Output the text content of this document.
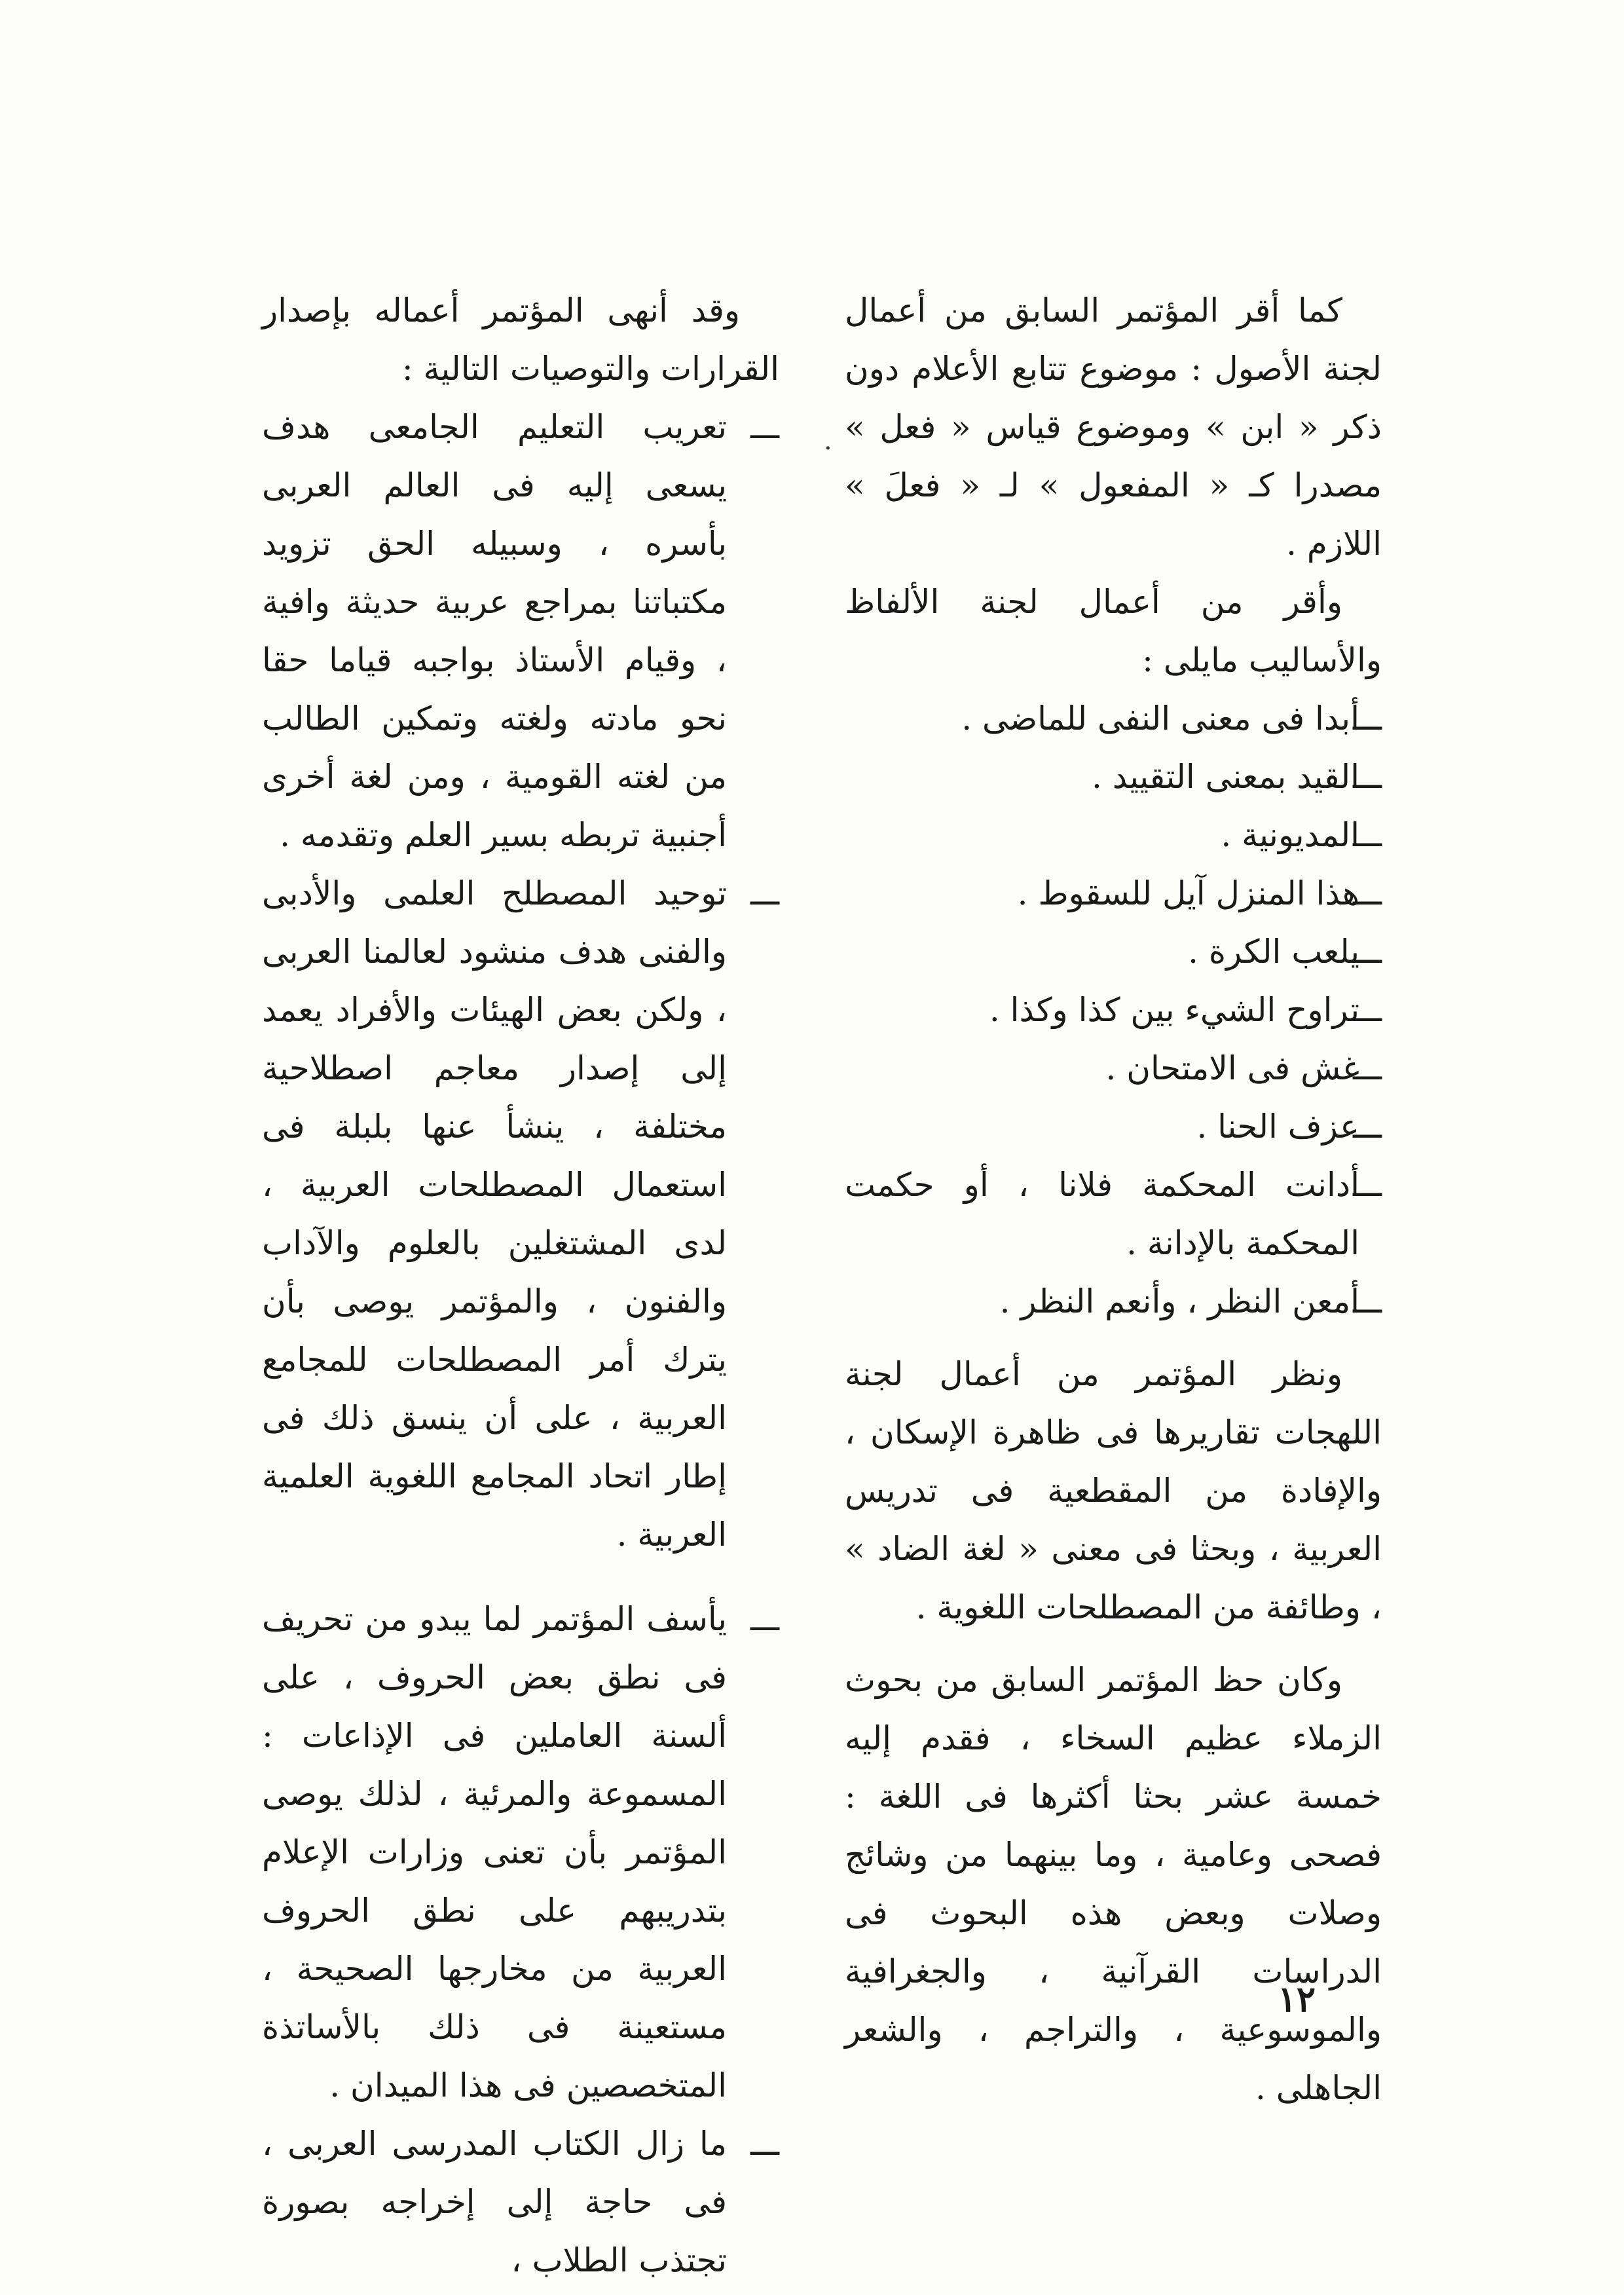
كما أقر المؤتمر السابق من أعمال لجنة الأصول : موضوع تتابع الأعلام دون ذكر « ابن » وموضوع قياس « فعل » مصدرا كـ « المفعول » لـ « فعلَ » اللازم .

وأقر من أعمال لجنة الألفاظ والأساليب مايلى :

ـــ
أبدا فى معنى النفى للماضى .
ـــ
القيد بمعنى التقييد .
ـــ
المديونية .
ـــ
هذا المنزل آيل للسقوط .
ـــ
يلعب الكرة .
ـــ
تراوح الشيء بين كذا وكذا .
ـــ
غش فى الامتحان .
ـــ
عزف الحنا .
ـــ
أدانت المحكمة فلانا ، أو حكمت المحكمة بالإدانة .
ـــ
أمعن النظر ، وأنعم النظر .

ونظر المؤتمر من أعمال لجنة اللهجات تقاريرها فى ظاهرة الإسكان ، والإفادة من المقطعية فى تدريس العربية ، وبحثا فى معنى « لغة الضاد » ، وطائفة من المصطلحات اللغوية .

وكان حظ المؤتمر السابق من بحوث الزملاء عظيم السخاء ، فقدم إليه خمسة عشر بحثا أكثرها فى اللغة : فصحى وعامية ، وما بينهما من وشائج وصلات وبعض هذه البحوث فى الدراسات القرآنية ، والجغرافية والموسوعية ، والتراجم ، والشعر الجاهلى .

وقد أنهى المؤتمر أعماله بإصدار القرارات والتوصيات التالية :

ـــ

تعريب التعليم الجامعى هدف يسعى إليه فى العالم العربى بأسره ، وسبيله الحق تزويد مكتباتنا بمراجع عربية حديثة وافية ، وقيام الأستاذ بواجبه قياما حقا نحو مادته ولغته وتمكين الطالب من لغته القومية ، ومن لغة أخرى أجنبية تربطه بسير العلم وتقدمه .

ـــ

توحيد المصطلح العلمى والأدبى والفنى هدف منشود لعالمنا العربى ، ولكن بعض الهيئات والأفراد يعمد إلى إصدار معاجم اصطلاحية مختلفة ، ينشأ عنها بلبلة فى استعمال المصطلحات العربية ، لدى المشتغلين بالعلوم والآداب والفنون ، والمؤتمر يوصى بأن يترك أمر المصطلحات للمجامع العربية ، على أن ينسق ذلك فى إطار اتحاد المجامع اللغوية العلمية العربية .

ـــ

يأسف المؤتمر لما يبدو من تحريف فى نطق بعض الحروف ، على ألسنة العاملين فى الإذاعات : المسموعة والمرئية ، لذلك يوصى المؤتمر بأن تعنى وزارات الإعلام بتدريبهم على نطق الحروف العربية من مخارجها الصحيحة ، مستعينة فى ذلك بالأساتذة المتخصصين فى هذا الميدان .

ـــ

ما زال الكتاب المدرسى العربى ، فى حاجة إلى إخراجه بصورة تجتذب الطلاب ،

·
١٢
